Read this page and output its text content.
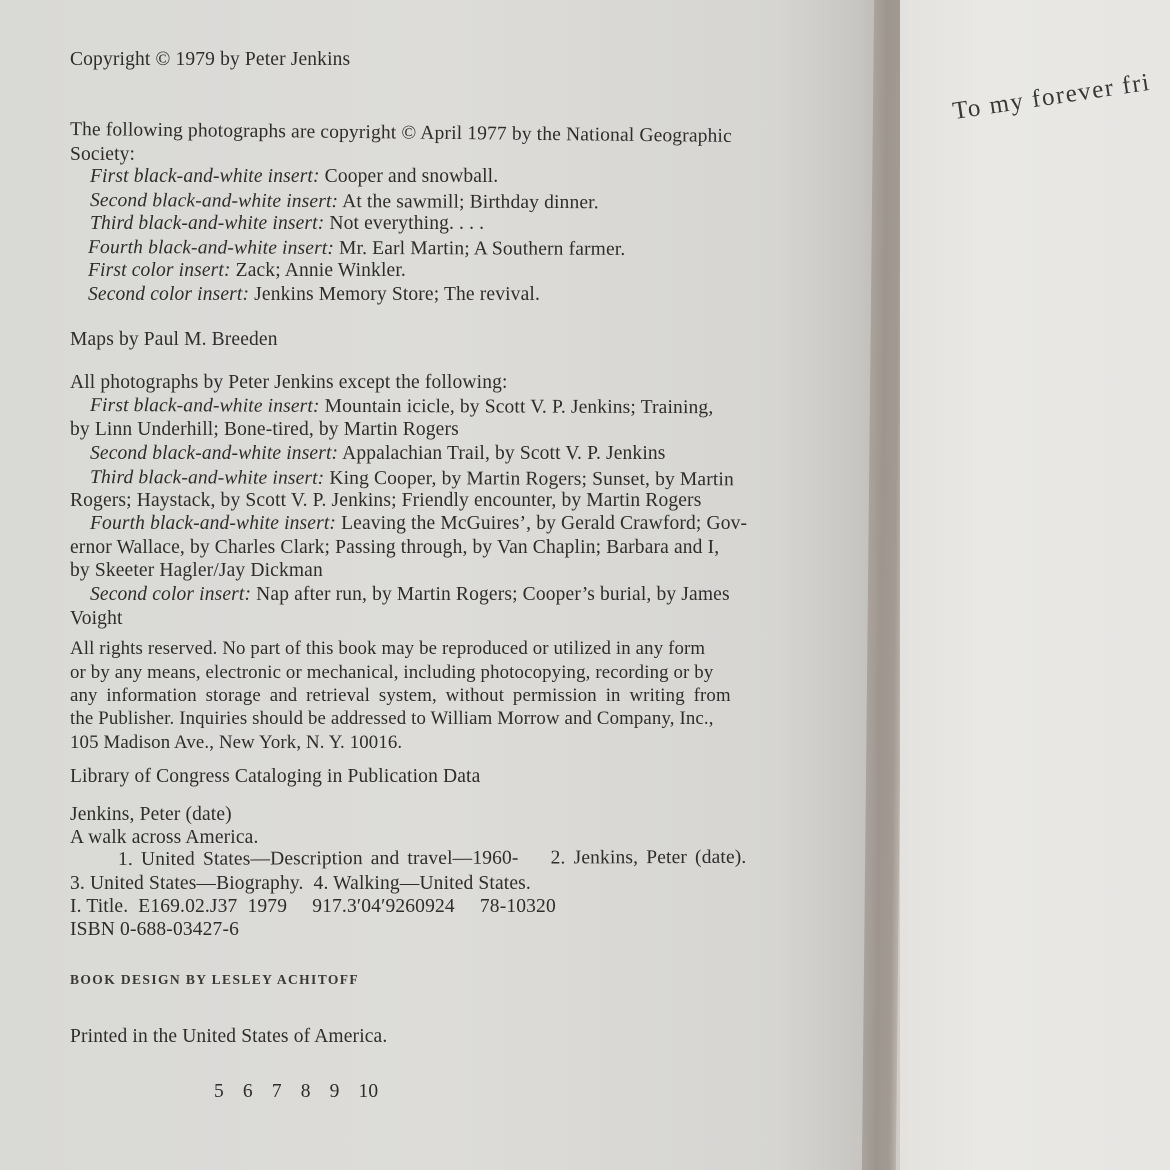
Copyright © 1979 by Peter Jenkins
The following photographs are copyright © April 1977 by the National Geographic
Society:
First black-and-white insert: Cooper and snowball.
Second black-and-white insert: At the sawmill; Birthday dinner.
Third black-and-white insert: Not everything. . . .
Fourth black-and-white insert: Mr. Earl Martin; A Southern farmer.
First color insert: Zack; Annie Winkler.
Second color insert: Jenkins Memory Store; The revival.
Maps by Paul M. Breeden
All photographs by Peter Jenkins except the following:
First black-and-white insert: Mountain icicle, by Scott V. P. Jenkins; Training,
by Linn Underhill; Bone-tired, by Martin Rogers
Second black-and-white insert: Appalachian Trail, by Scott V. P. Jenkins
Third black-and-white insert: King Cooper, by Martin Rogers; Sunset, by Martin
Rogers; Haystack, by Scott V. P. Jenkins; Friendly encounter, by Martin Rogers
Fourth black-and-white insert: Leaving the McGuires’, by Gerald Crawford; Gov-
ernor Wallace, by Charles Clark; Passing through, by Van Chaplin; Barbara and I,
by Skeeter Hagler/Jay Dickman
Second color insert: Nap after run, by Martin Rogers; Cooper’s burial, by James
Voight
All rights reserved. No part of this book may be reproduced or utilized in any form
or by any means, electronic or mechanical, including photocopying, recording or by
any information storage and retrieval system, without permission in writing from
the Publisher. Inquiries should be addressed to William Morrow and Company, Inc.,
105 Madison Ave., New York, N. Y. 10016.
Library of Congress Cataloging in Publication Data
Jenkins, Peter (date)
A walk across America.
1. United States—Description and travel—1960-    2. Jenkins, Peter (date).
3. United States—Biography.  4. Walking—United States.
I. Title.  E169.02.J37  1979     917.3′04′9260924     78-10320
ISBN 0-688-03427-6
BOOK DESIGN BY LESLEY ACHITOFF
Printed in the United States of America.
5 6 7 8 9 10
To my forever fri
